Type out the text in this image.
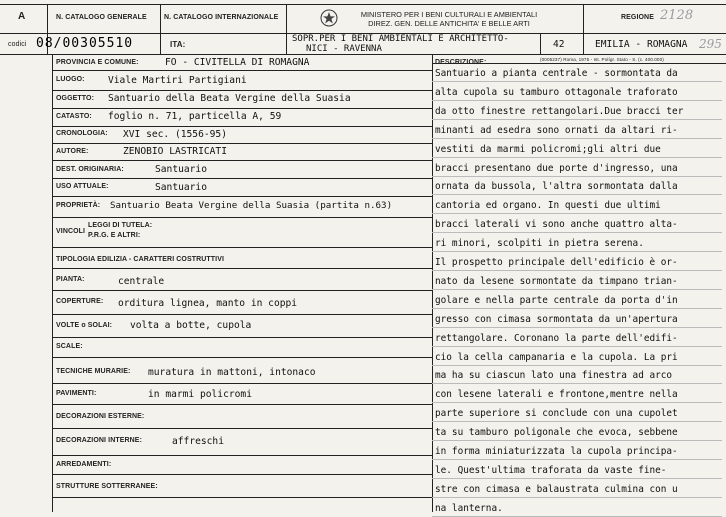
A	N. CATALOGO GENERALE N. CATALOGO INTERNAZIONALE	MINISTERO PER I BENI CULTURALI E AMBIENTALI
DIREZ. GEN. DELLE ANTICHITA' E BELLE ARTI
REGIONE 2128
codici 08/00305510	ITA:
SOPR.PER I BENI AMBIENTALI E ARCHITETTO-
NICI - RAVENNA	42	EMILIA - ROMAGNA 295
PROVINCIA E COMUNE:	FO - CIVITELLA DI ROMAGNA
LUOGO: Viale Martiri Partigiani
OGGETTO: Santuario della Beata Vergine della Suasia
CATASTO: foglio n. 71, particella A, 59
CRONOLOGIA: XVI sec. (1556-95)
AUTORE:	ZENOBIO LASTRICATI
DEST. ORIGINARIA:	Santuario
USO ATTUALE:	Santuario
PROPRIETÀ: Santuario Beata Vergine della Suasia (partita n.63)
VINCOLI
LEGGI DI TUTELA:
P.R.G. E ALTRI:
TIPOLOGIA EDILIZIA - CARATTERI COSTRUTTIVI
PIANTA:	centrale
COPERTURE: orditura lignea, manto in coppi
VOLTE o SOLAI: volta a botte, cupola
SCALE:
TECNICHE MURARIE: muratura in mattoni, intonaco
PAVIMENTI:	in marmi policromi
DECORAZIONI ESTERNE:
DECORAZIONI INTERNE:	affreschi
ARREDAMENTI:
STRUTTURE SOTTERRANEE:
DESCRIZIONE:	(0005237) Roma, 1975 - Ist. Polígr. Stato - S. (c. 400.000)
Santuario a pianta centrale - sormontata da
alta cupola su tamburo ottagonale traforato
da otto finestre rettangolari.Due bracci ter
minanti ad esedra sono ornati da altari ri-
vestiti da marmi policromi;gli altri due
bracci presentano due porte d'ingresso, una
ornata da bussola, l'altra sormontata dalla
cantoria ed organo. In questi due ultimi
bracci laterali vi sono anche quattro alta-
ri minori, scolpiti in pietra serena.
Il prospetto principale dell'edificio è or-
nato da lesene sormontate da timpano trian-
golare e nella parte centrale da porta d'in
gresso con cimasa sormontata da un'apertura
rettangolare. Coronano la parte dell'edifi-
cio la cella campanaria e la cupola. La pri
ma ha su ciascun lato una finestra ad arco
con lesene laterali e frontone,mentre nella
parte superiore si conclude con una cupolet
ta su tamburo poligonale che evoca, sebbene
in forma miniaturizzata la cupola principa-
le. Quest'ultima traforata da vaste fine-
stre con cimasa e balaustrata culmina con u
na lanterna.
